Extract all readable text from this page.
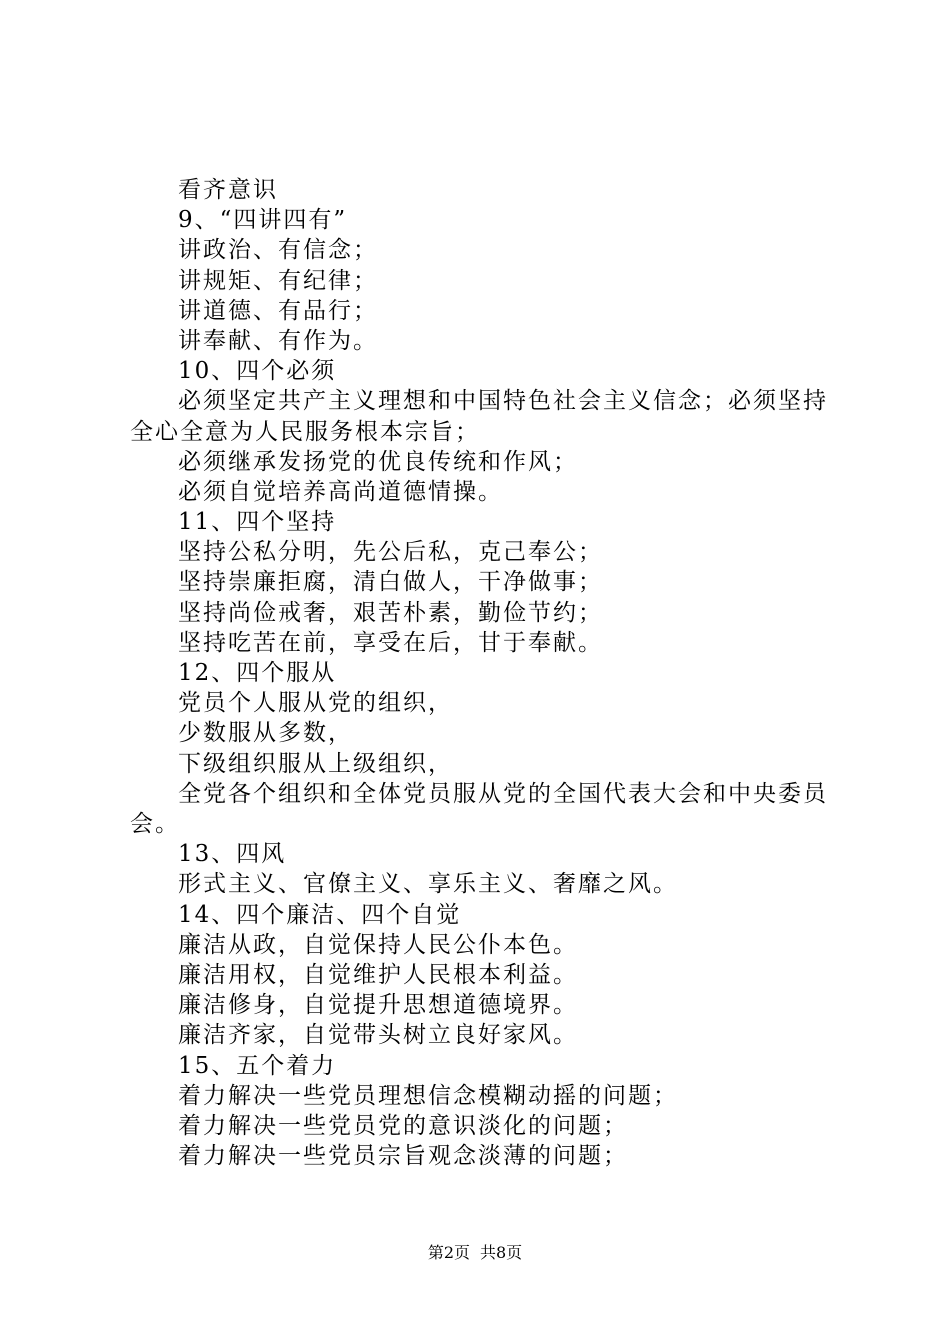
看齐意识
9、“四讲四有”
讲政治、有信念；
讲规矩、有纪律；
讲道德、有品行；
讲奉献、有作为。
10、四个必须
必须坚定共产主义理想和中国特色社会主义信念；必须坚持全心全意为人民服务根本宗旨；
必须继承发扬党的优良传统和作风；
必须自觉培养高尚道德情操。
11、四个坚持
坚持公私分明，先公后私，克己奉公；
坚持崇廉拒腐，清白做人，干净做事；
坚持尚俭戒奢，艰苦朴素，勤俭节约；
坚持吃苦在前，享受在后，甘于奉献。
12、四个服从
党员个人服从党的组织，
少数服从多数，
下级组织服从上级组织，
全党各个组织和全体党员服从党的全国代表大会和中央委员会。
13、四风
形式主义、官僚主义、享乐主义、奢靡之风。
14、四个廉洁、四个自觉
廉洁从政，自觉保持人民公仆本色。
廉洁用权，自觉维护人民根本利益。
廉洁修身，自觉提升思想道德境界。
廉洁齐家，自觉带头树立良好家风。
15、五个着力
着力解决一些党员理想信念模糊动摇的问题；
着力解决一些党员党的意识淡化的问题；
着力解决一些党员宗旨观念淡薄的问题；
第2页 共8页
